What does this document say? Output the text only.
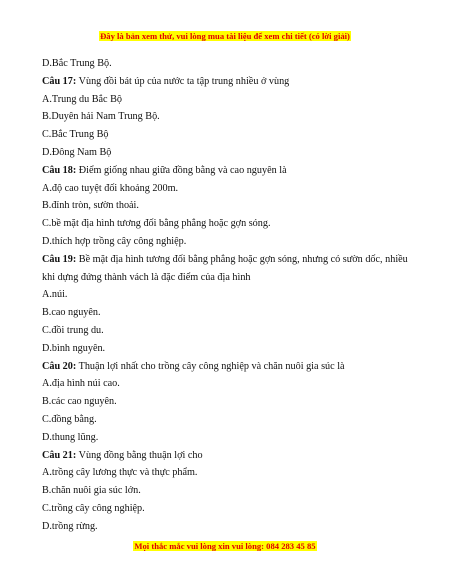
Đây là bản xem thử, vui lòng mua tài liệu để xem chi tiết (có lời giải)
D.Bắc Trung Bộ.
Câu 17: Vùng đồi bát úp của nước ta tập trung nhiều ở vùng
A.Trung du Bắc Bộ
B.Duyên hải Nam Trung Bộ.
C.Bắc Trung Bộ
D.Đông Nam Bộ
Câu 18: Điểm giống nhau giữa đồng bằng và cao nguyên là
A.độ cao tuyệt đối khoảng 200m.
B.đỉnh tròn, sườn thoải.
C.bề mặt địa hình tương đối bằng phẳng hoặc gợn sóng.
D.thích hợp trồng cây công nghiệp.
Câu 19: Bề mặt địa hình tương đối bằng phẳng hoặc gợn sóng, nhưng có sườn dốc, nhiều khi dựng đứng thành vách là đặc điểm của địa hình
A.núi.
B.cao nguyên.
C.đồi trung du.
D.bình nguyên.
Câu 20: Thuận lợi nhất cho trồng cây công nghiệp và chăn nuôi gia súc là
A.địa hình núi cao.
B.các cao nguyên.
C.đồng bằng.
D.thung lũng.
Câu 21: Vùng đồng bằng thuận lợi cho
A.trồng cây lương thực và thực phẩm.
B.chăn nuôi gia súc lớn.
C.trồng cây công nghiệp.
D.trồng rừng.
Mọi thắc mắc vui lòng xin vui lòng: 084 283 45 85
